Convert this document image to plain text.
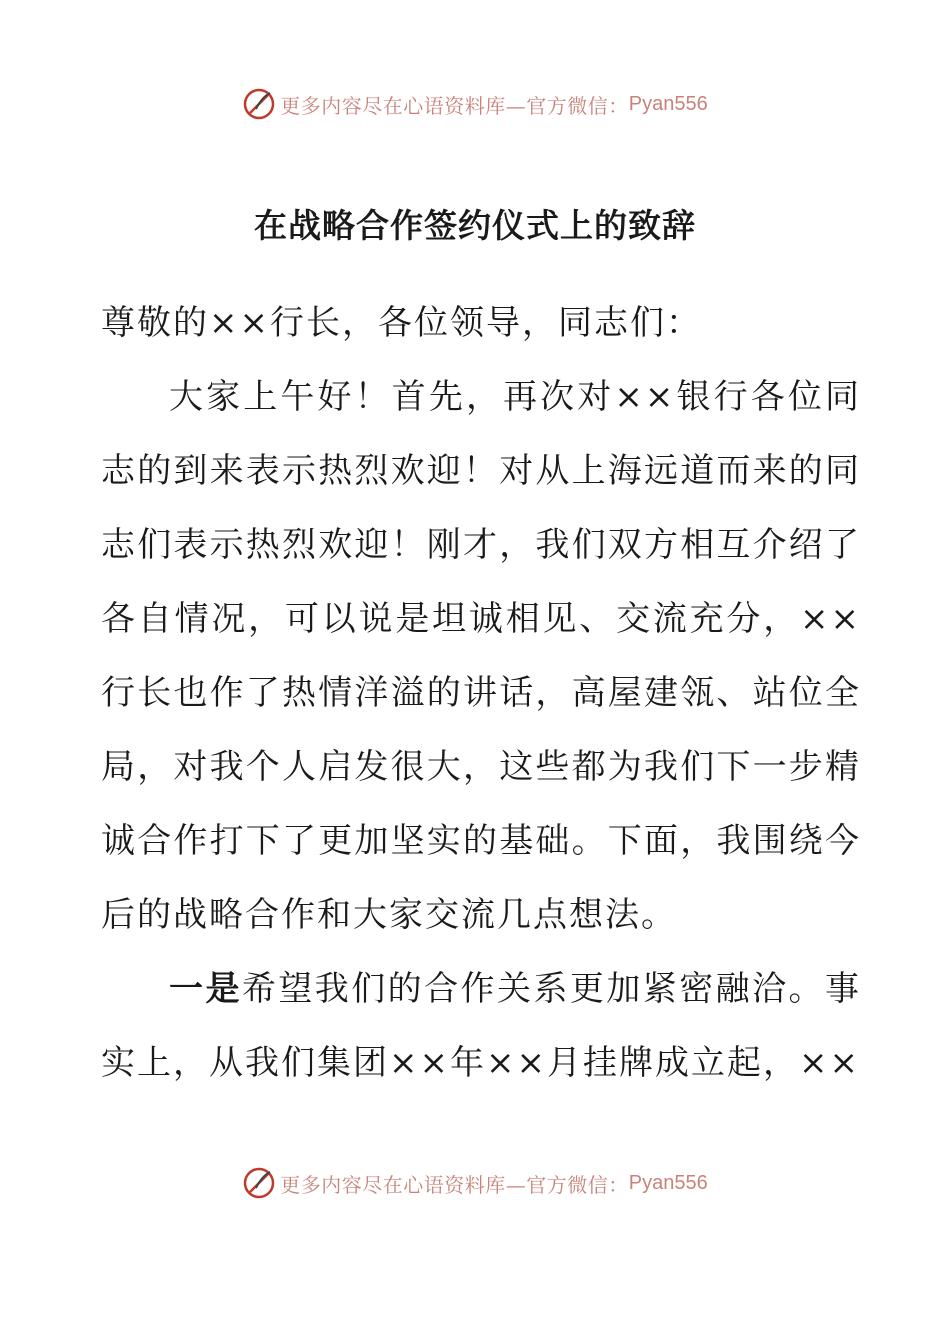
更多内容尽在心语资料库—官方微信： Pyan556
在战略合作签约仪式上的致辞

尊敬的××行长，各位领导，同志们：

大家上午好！首先，再次对××银行各位同志的到来表示热烈欢迎！对从上海远道而来的同志们表示热烈欢迎！刚才，我们双方相互介绍了各自情况，可以说是坦诚相见、交流充分，××行长也作了热情洋溢的讲话，高屋建瓴、站位全局，对我个人启发很大，这些都为我们下一步精诚合作打下了更加坚实的基础。下面，我围绕今后的战略合作和大家交流几点想法。

一是希望我们的合作关系更加紧密融洽。事实上，从我们集团××年××月挂牌成立起，××

更多内容尽在心语资料库—官方微信： Pyan556
